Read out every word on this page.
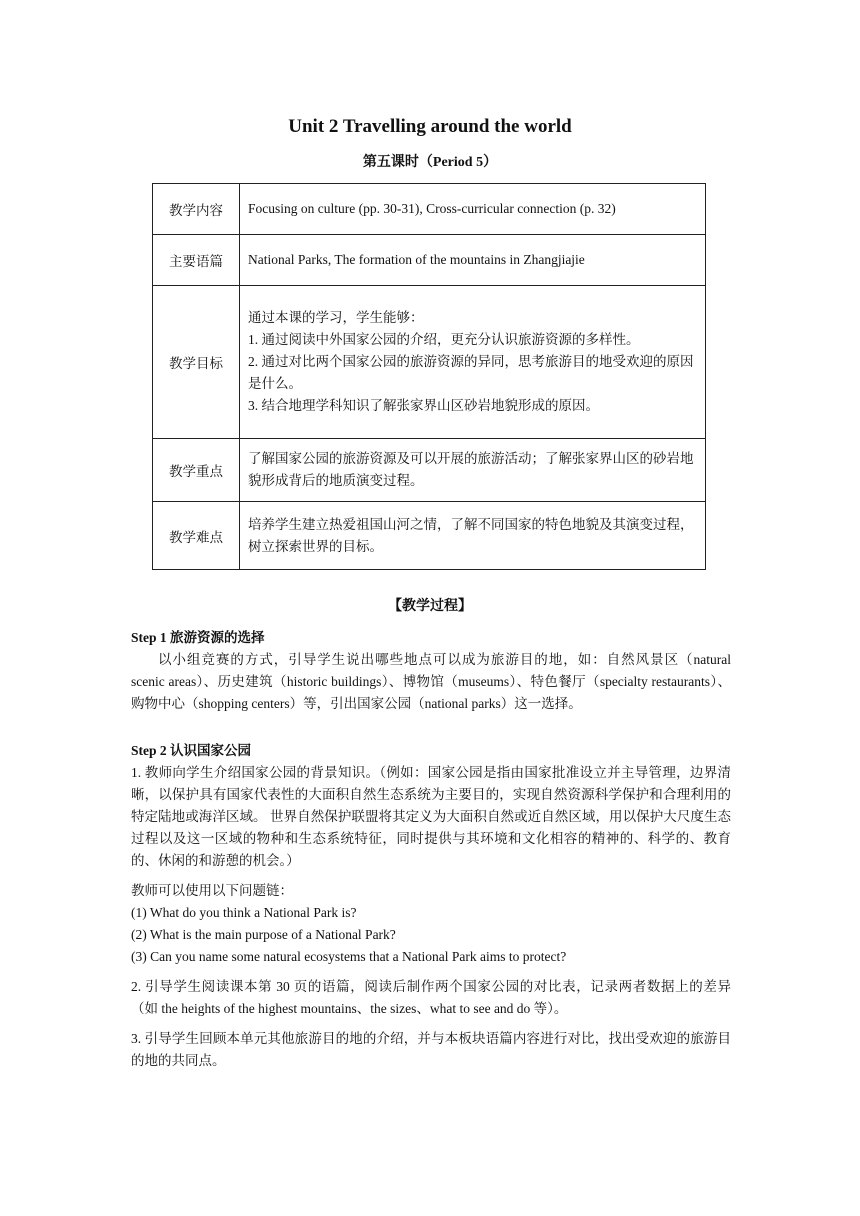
Unit 2 Travelling around the world
第五课时（Period 5）
教学内容	Focusing on culture (pp. 30-31), Cross-curricular connection (p. 32)

主要语篇	National Parks, The formation of the mountains in Zhangjiajie

教学目标	通过本课的学习，学生能够：
1. 通过阅读中外国家公园的介绍，更充分认识旅游资源的多样性。
2. 通过对比两个国家公园的旅游资源的异同，思考旅游目的地受欢迎的原因是什么。
3. 结合地理学科知识了解张家界山区砂岩地貌形成的原因。

教学重点	了解国家公园的旅游资源及可以开展的旅游活动；了解张家界山区的砂岩地貌形成背后的地质演变过程。

教学难点	培养学生建立热爱祖国山河之情，了解不同国家的特色地貌及其演变过程，树立探索世界的目标。
【教学过程】

Step 1 旅游资源的选择

以小组竞赛的方式，引导学生说出哪些地点可以成为旅游目的地，如：自然风景区（natural scenic areas）、历史建筑（historic buildings）、博物馆（museums）、特色餐厅（specialty restaurants）、购物中心（shopping centers）等，引出国家公园（national parks）这一选择。

Step 2 认识国家公园

1. 教师向学生介绍国家公园的背景知识。（例如：国家公园是指由国家批准设立并主导管理，边界清晰，以保护具有国家代表性的大面积自然生态系统为主要目的，实现自然资源科学保护和合理利用的特定陆地或海洋区域。 世界自然保护联盟将其定义为大面积自然或近自然区域，用以保护大尺度生态过程以及这一区域的物种和生态系统特征，同时提供与其环境和文化相容的精神的、科学的、教育的、休闲的和游憩的机会。）

教师可以使用以下问题链：

(1) What do you think a National Park is?

(2) What is the main purpose of a National Park?

(3) Can you name some natural ecosystems that a National Park aims to protect?

2. 引导学生阅读课本第 30 页的语篇，阅读后制作两个国家公园的对比表，记录两者数据上的差异（如 the heights of the highest mountains、the sizes、what to see and do 等）。

3. 引导学生回顾本单元其他旅游目的地的介绍，并与本板块语篇内容进行对比，找出受欢迎的旅游目的地的共同点。
